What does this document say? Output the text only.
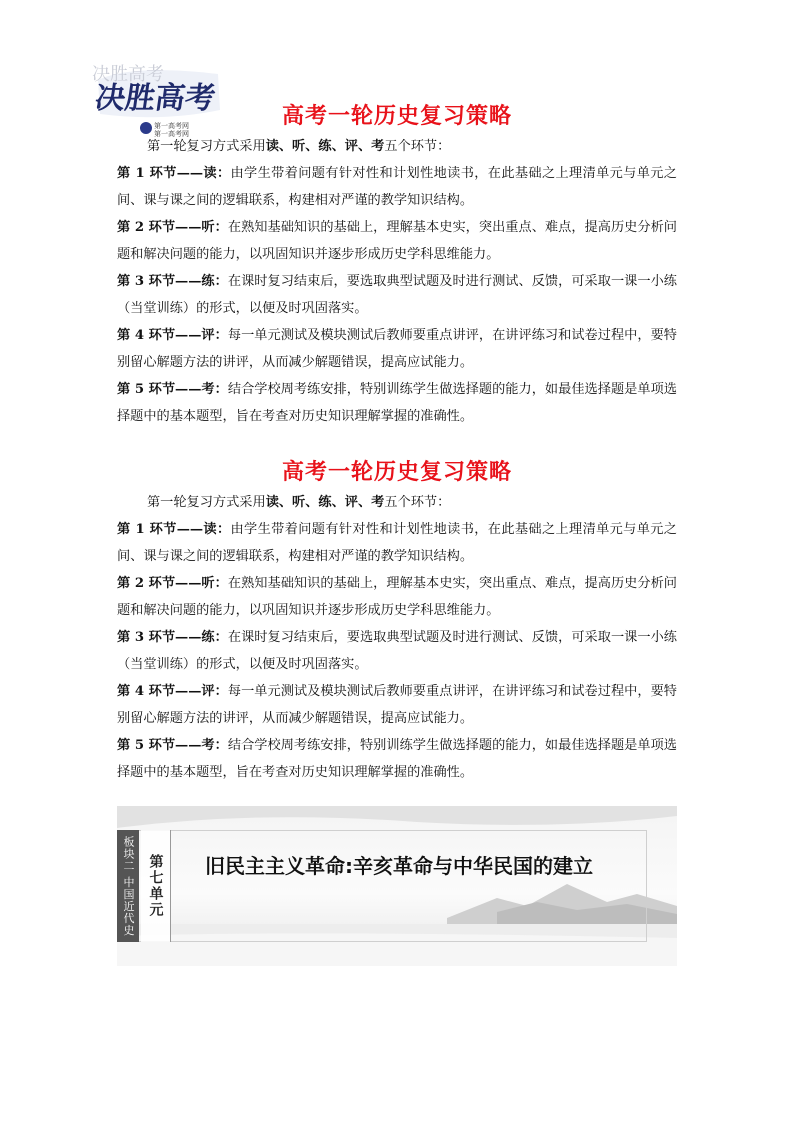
决胜高考
决胜高考
第一高考网
第一高考网
高考一轮历史复习策略
第一轮复习方式采用读、听、练、评、考五个环节：

第 1 环节——读：由学生带着问题有针对性和计划性地读书，在此基础之上理清单元与单元之间、课与课之间的逻辑联系，构建相对严谨的教学知识结构。

第 2 环节——听：在熟知基础知识的基础上，理解基本史实，突出重点、难点，提高历史分析问题和解决问题的能力，以巩固知识并逐步形成历史学科思维能力。

第 3 环节——练：在课时复习结束后，要选取典型试题及时进行测试、反馈，可采取一课一小练（当堂训练）的形式，以便及时巩固落实。

第 4 环节——评：每一单元测试及模块测试后教师要重点讲评，在讲评练习和试卷过程中，要特别留心解题方法的讲评，从而减少解题错误，提高应试能力。

第 5 环节——考：结合学校周考练安排，特别训练学生做选择题的能力，如最佳选择题是单项选择题中的基本题型，旨在考查对历史知识理解掌握的准确性。

高考一轮历史复习策略
第一轮复习方式采用读、听、练、评、考五个环节：

第 1 环节——读：由学生带着问题有针对性和计划性地读书，在此基础之上理清单元与单元之间、课与课之间的逻辑联系，构建相对严谨的教学知识结构。

第 2 环节——听：在熟知基础知识的基础上，理解基本史实，突出重点、难点，提高历史分析问题和解决问题的能力，以巩固知识并逐步形成历史学科思维能力。

第 3 环节——练：在课时复习结束后，要选取典型试题及时进行测试、反馈，可采取一课一小练（当堂训练）的形式，以便及时巩固落实。

第 4 环节——评：每一单元测试及模块测试后教师要重点讲评，在讲评练习和试卷过程中，要特别留心解题方法的讲评，从而减少解题错误，提高应试能力。

第 5 环节——考：结合学校周考练安排，特别训练学生做选择题的能力，如最佳选择题是单项选择题中的基本题型，旨在考查对历史知识理解掌握的准确性。

板块二 中国近代史 第七单元	旧民主主义革命:辛亥革命与中华民国的建立
